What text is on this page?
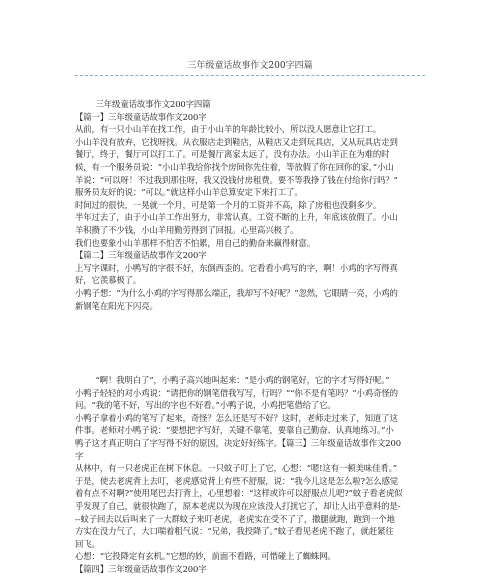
三年级童话故事作文200字四篇

三年级童话故事作文200字四篇

【篇一】三年级童话故事作文200字

从前，有一只小山羊在找工作，由于小山羊的年龄比较小，所以没人愿意让它打工。

小山羊没有放弃，它找呀找。从衣服店走到鞋店，从鞋店又走到玩具店，又从玩具店走到

餐厅，终于，餐厅可以打工了。可是餐厅离家太远了，没有办法。小山羊正在为难的时

候，有一个服务员说：“小山羊我给你找个房间你先住着，等放假了你在回你的家，”小山

羊说：“可以呀！不过我到那住呀，我又没钱付房租费。要不等我挣了钱在付给你行吗？”

服务员友好的说：“可以。”就这样小山羊总算安定下来打工了。

时间过的很快，一晃就一个月，可是第一个月的工资并不高，除了房租也没剩多少。

半年过去了，由于小山羊工作出努力，非常认真。工资不断的上升，年底该放假了。小山

羊积攒了不少钱，小山羊用勤劳得到了回报。心里高兴极了。

我们也要象小山羊那样不怕苦不怕累，用自己的勤奋来赢得财富。

【篇二】三年级童话故事作文200字

上写字课时，小鸭写的字很不好，东倒西歪的。它看看小鸡写的字，啊！小鸡的字写得真

好，它羡慕极了。

小鸭子想：“为什么小鸡的字写得那么端正，我却写不好呢？”忽然，它眼睛一亮，小鸡的

新钢笔在阳光下闪亮。

“啊！我明白了”，小鸭子高兴地叫起来：“是小鸡的钢笔好，它的字才写得好呢。”

小鸭子轻轻的对小鸡说：“请把你的钢笔借我写写，行吗？”“你不是有笔吗？”小鸡奇怪的

问。“我的笔不好，写出的字也不好看。”小鸭子说，小鸡把笔借给了它。

小鸭子拿着小鸡的笔写了起来，奇怪？怎么还是写不好？这时，老师走过来了，知道了这

件事。老师对小鸭子说：“要想把字写好，关键不靠笔，要靠自己勤奋、认真地练习。”小

鸭子这才真正明白了字写得不好的原因，决定好好练字。【篇三】三年级童话故事作文200

字

从林中，有一只老虎正在树下休息。一只蚊子叮上了它，心想：“嗯!这有一顿美味佳肴。”

于是，使去老虎背上去叮，老虎感觉背上有些不舒服，说：“我今儿这是怎么啦?怎么感觉

着有点不对啊?”使用尾巴去打背上，心里想着：“这样或许可以舒服点儿吧?”蚊子看老虎似

乎发现了自己，就很快跑了，原本老虎以为现在应该没人打扰它了，却让人出乎意料的是-

--蚊子回去以后叫来了一大群蚊子来叮老虎，老虎实在受不了了，撒腿就跑，跑到一个地

方实在没力气了，大口喘着粗气说：“兄弟，我投降了。”蚊子看见老虎不跑了，就赶紧往

回飞。

心想：“它投降定有玄机。”它想的妙，前面不看路，可惜碰上了蜘蛛网。

【篇四】三年级童话故事作文200字
